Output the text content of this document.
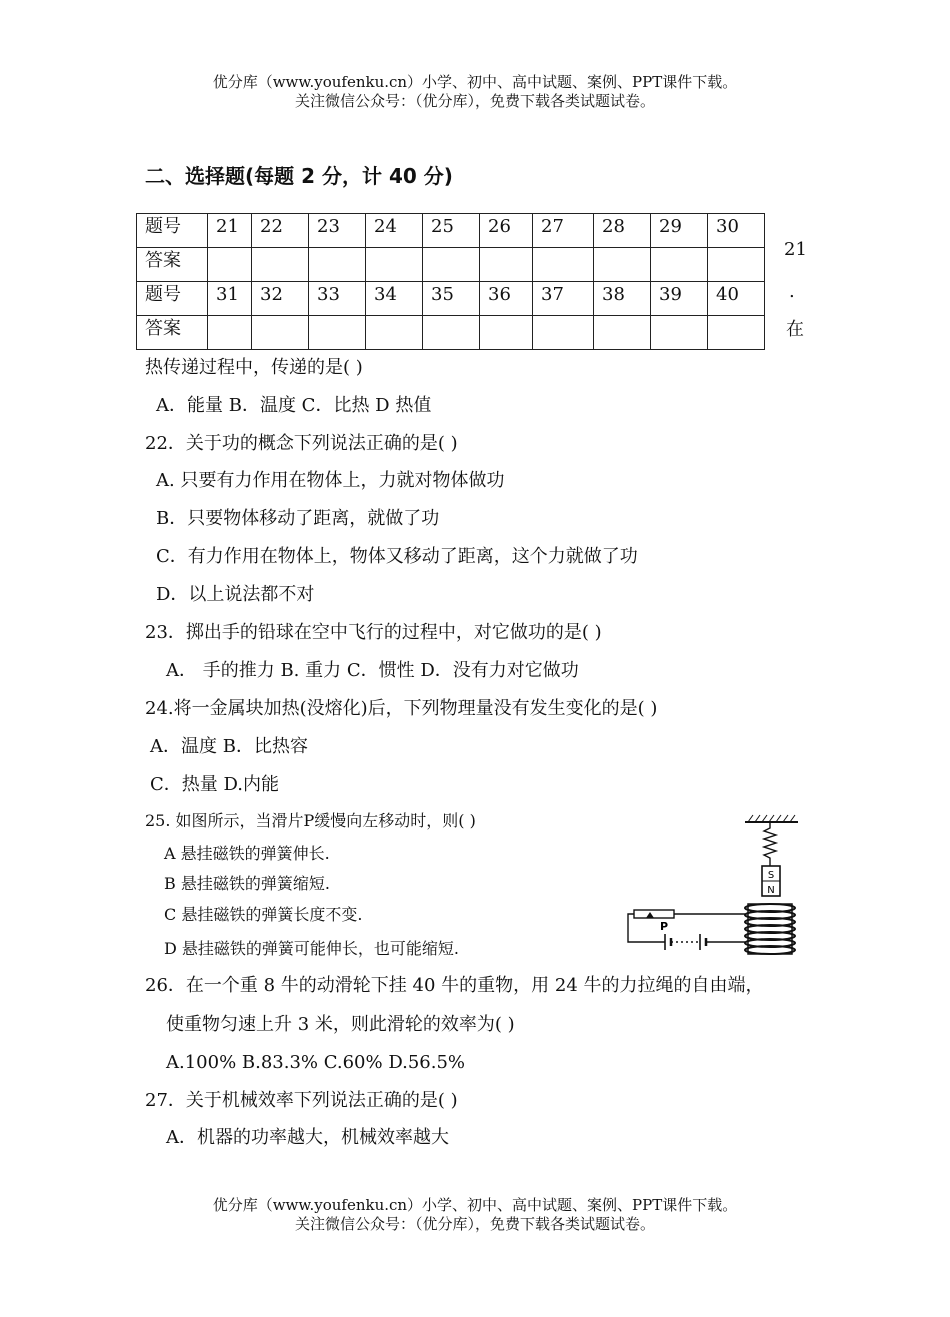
优分库（www.youfenku.cn）小学、初中、高中试题、案例、PPT课件下载。
关注微信公众号：（优分库），免费下载各类试题试卷。
二、选择题(每题 2 分，计 40 分)
题号	21	22	23	24	25	26	27	28	29	30
答案										
题号	31	32	33	34	35	36	37	38	39	40
答案										
21
.
在
热传递过程中，传递的是( )
A．能量 B．温度 C．比热 D 热值
22．关于功的概念下列说法正确的是( )
A. 只要有力作用在物体上，力就对物体做功
B．只要物体移动了距离，就做了功
C．有力作用在物体上，物体又移动了距离，这个力就做了功
D．以上说法都不对
23．掷出手的铅球在空中飞行的过程中，对它做功的是( )
A． 手的推力 B. 重力 C．惯性 D．没有力对它做功
24.将一金属块加热(没熔化)后，下列物理量没有发生变化的是( )
A．温度 B．比热容
C．热量 D.内能
25. 如图所示，当滑片P缓慢向左移动时，则( )
A 悬挂磁铁的弹簧伸长.
B 悬挂磁铁的弹簧缩短.
C 悬挂磁铁的弹簧长度不变.
D 悬挂磁铁的弹簧可能伸长，也可能缩短.
S
N
P
26．在一个重 8 牛的动滑轮下挂 40 牛的重物，用 24 牛的力拉绳的自由端，
使重物匀速上升 3 米，则此滑轮的效率为( )
A.100% B.83.3% C.60% D.56.5%
27．关于机械效率下列说法正确的是( )
A．机器的功率越大，机械效率越大
优分库（www.youfenku.cn）小学、初中、高中试题、案例、PPT课件下载。
关注微信公众号：（优分库），免费下载各类试题试卷。
